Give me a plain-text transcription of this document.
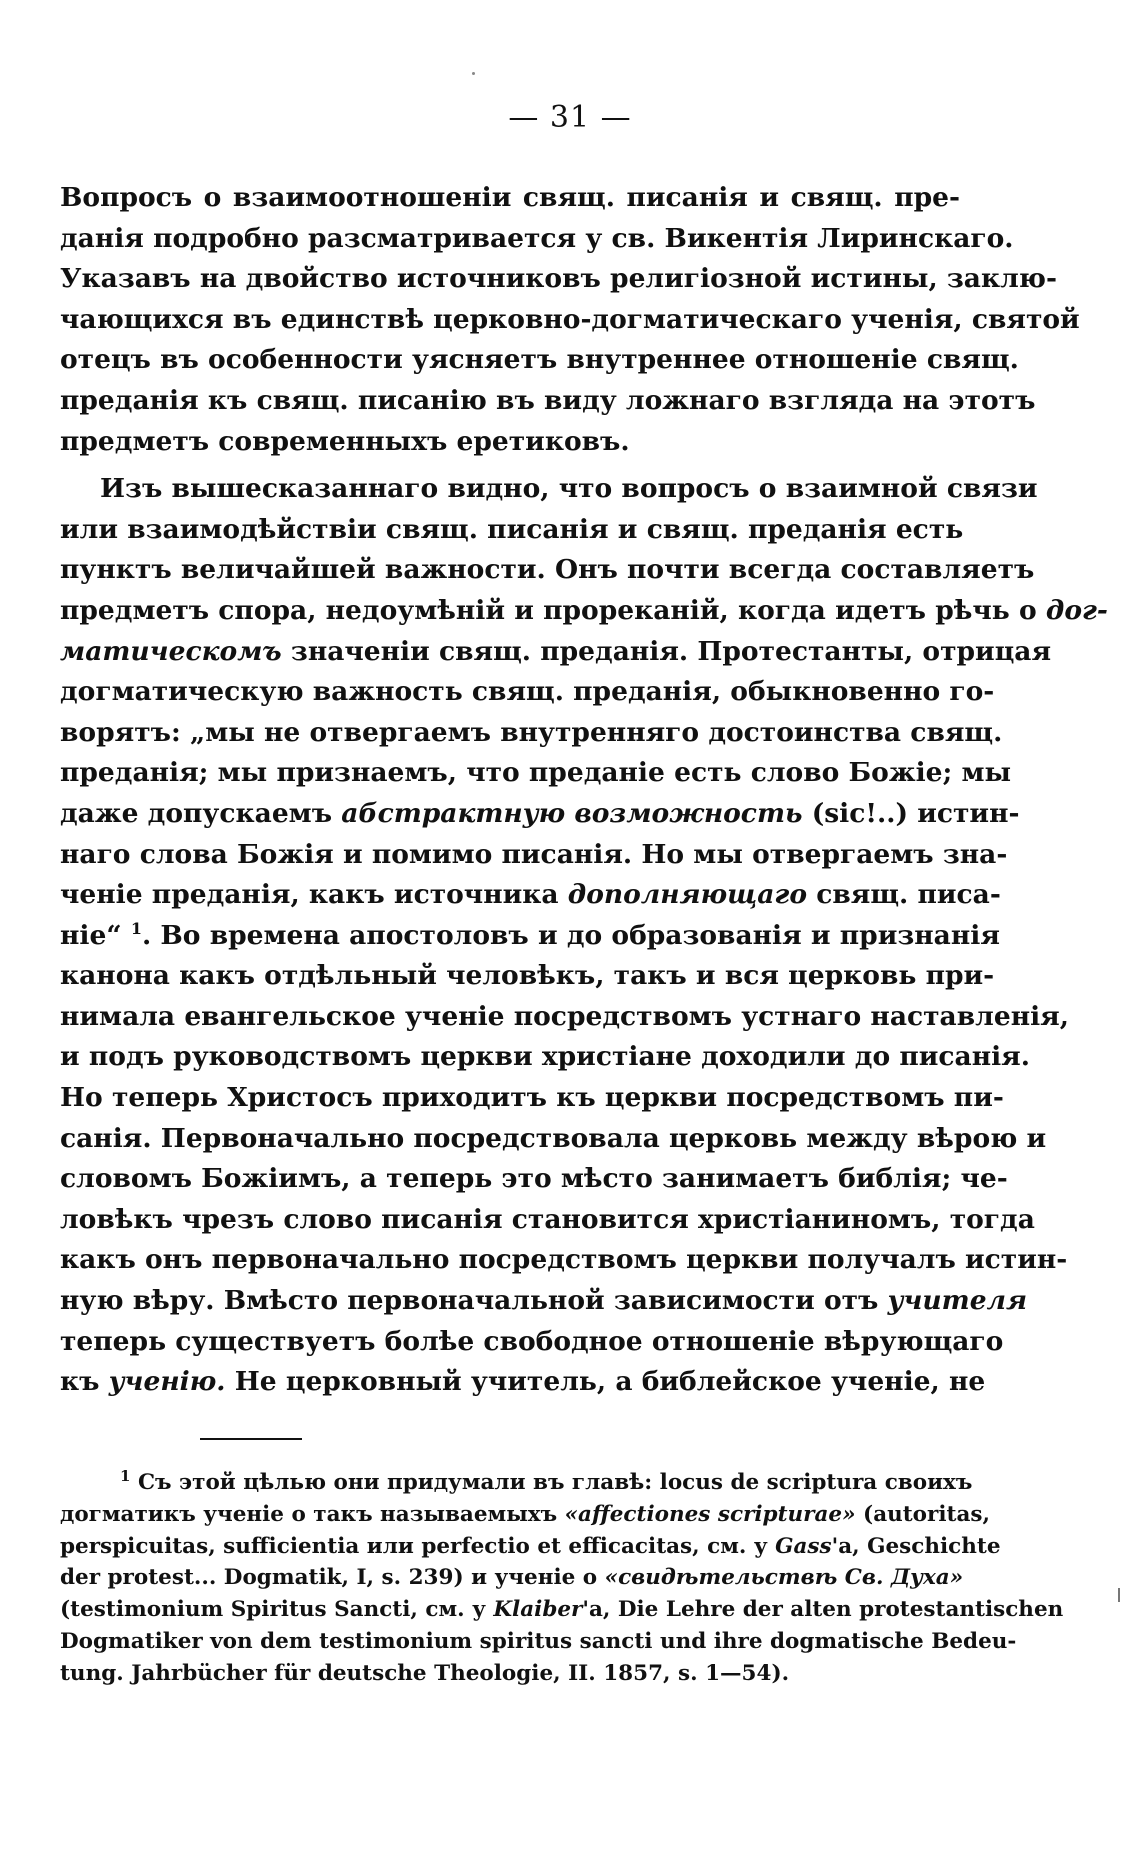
— 31 —
Вопросъ о взаимоотношеніи свящ. писанія и свящ. пре-
данія подробно разсматривается у св. Викентія Лиринскаго.
Указавъ на двойство источниковъ религіозной истины, заклю-
чающихся въ единствѣ церковно-догматическаго ученія, святой
отецъ въ особенности уясняетъ внутреннее отношеніе свящ.
преданія къ свящ. писанію въ виду ложнаго взгляда на этотъ
предметъ современныхъ еретиковъ.
Изъ вышесказаннаго видно, что вопросъ о взаимной связи
или взаимодѣйствіи свящ. писанія и свящ. преданія есть
пунктъ величайшей важности. Онъ почти всегда составляетъ
предметъ спора, недоумѣній и прореканій, когда идетъ рѣчь о дог-
матическомъ значеніи свящ. преданія. Протестанты, отрицая
догматическую важность свящ. преданія, обыкновенно го-
ворятъ: „мы не отвергаемъ внутренняго достоинства свящ.
преданія; мы признаемъ, что преданіе есть слово Божіе; мы
даже допускаемъ абстрактную возможность (sic!..) истин-
наго слова Божія и помимо писанія. Но мы отвергаемъ зна-
ченіе преданія, какъ источника дополняющаго свящ. писа-
ніе“ $^1$. Во времена апостоловъ и до образованія и признанія
канона какъ отдѣльный человѣкъ, такъ и вся церковь при-
нимала евангельское ученіе посредствомъ устнаго наставленія,
и подъ руководствомъ церкви христіане доходили до писанія.
Но теперь Христосъ приходитъ къ церкви посредствомъ пи-
санія. Первоначально посредствовала церковь между вѣрою и
словомъ Божіимъ, а теперь это мѣсто занимаетъ библія; че-
ловѣкъ чрезъ слово писанія становится христіаниномъ, тогда
какъ онъ первоначально посредствомъ церкви получалъ истин-
ную вѣру. Вмѣсто первоначальной зависимости отъ учителя
теперь существуетъ болѣе свободное отношеніе вѣрующаго
къ ученію. Не церковный учитель, а библейское ученіе, не
$^1$ Съ этой цѣлью они придумали въ главѣ: locus de scriptura своихъ
догматикъ ученіе о такъ называемыхъ «affectiones scripturae» (autoritas,
perspicuitas, sufficientia или perfectio et efficacitas, см. у Gass'а, Geschichte
der protest... Dogmatik, I, s. 239) и ученіе о «свидѣтельствѣ Св. Духа»
(testimonium Spiritus Sancti, см. у Klaiber'а, Die Lehre der alten protestantischen
Dogmatiker von dem testimonium spiritus sancti und ihre dogmatische Bedeu-
tung. Jahrbücher für deutsche Theologie, II. 1857, s. 1—54).
